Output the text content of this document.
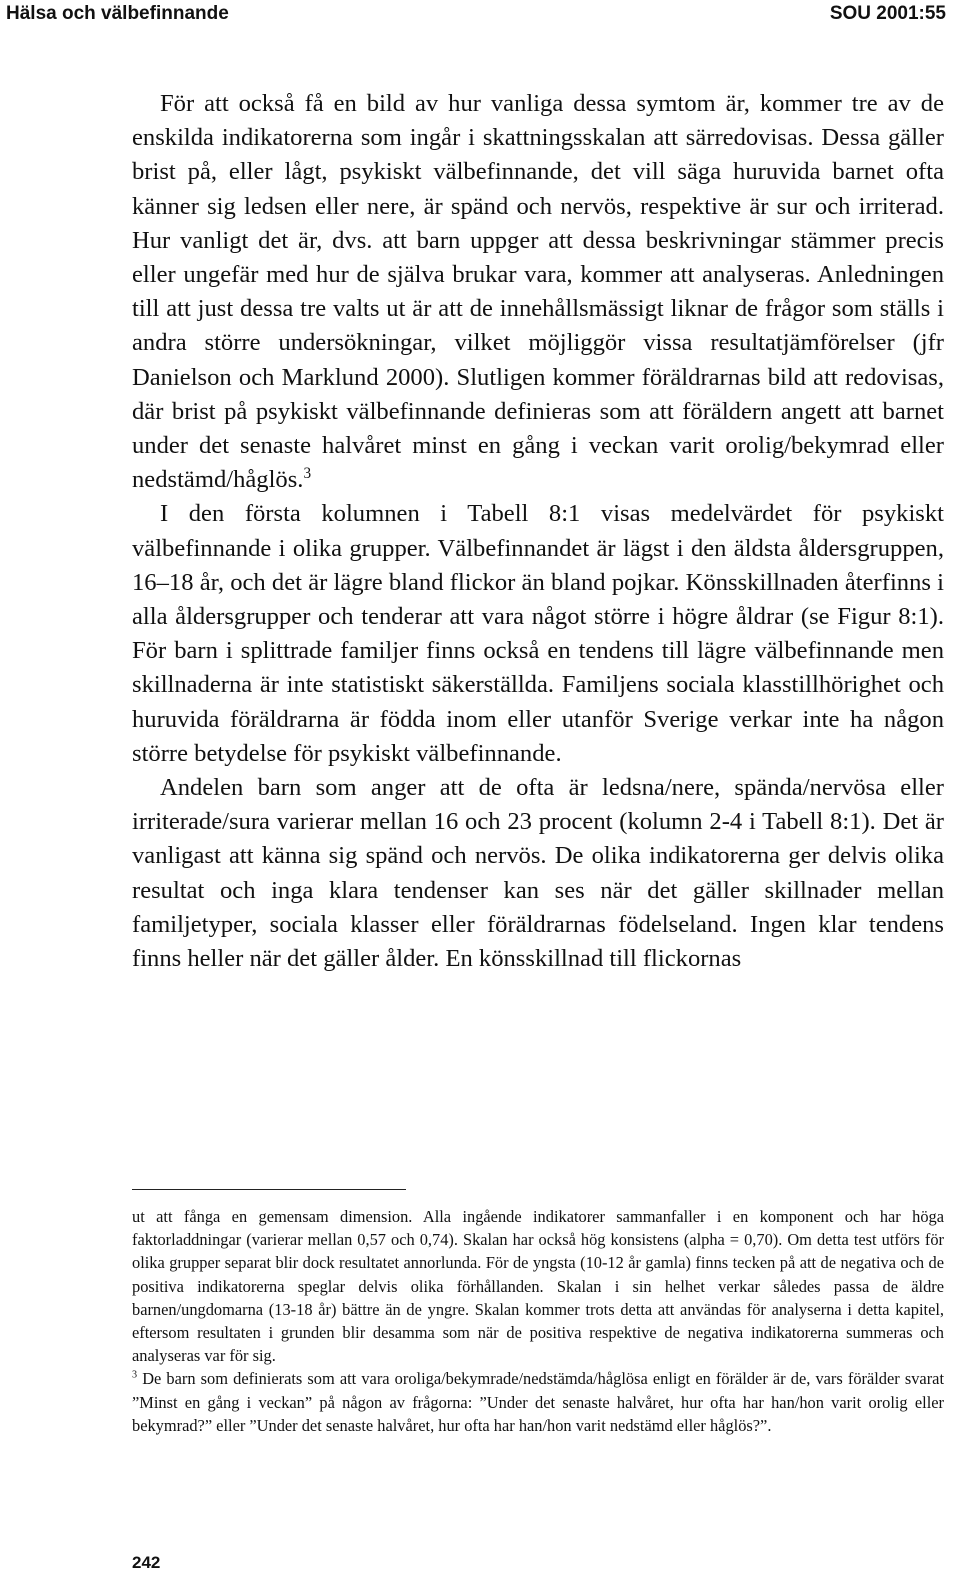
Hälsa och välbefinnande	SOU 2001:55

För att också få en bild av hur vanliga dessa symtom är, kommer tre av de enskilda indikatorerna som ingår i skattningsskalan att särredovisas. Dessa gäller brist på, eller lågt, psykiskt välbefinnande, det vill säga huruvida barnet ofta känner sig ledsen eller nere, är spänd och nervös, respektive är sur och irriterad. Hur vanligt det är, dvs. att barn uppger att dessa beskrivningar stämmer precis eller ungefär med hur de själva brukar vara, kommer att analyseras. Anledningen till att just dessa tre valts ut är att de innehållsmässigt liknar de frågor som ställs i andra större undersökningar, vilket möjliggör vissa resultatjämförelser (jfr Danielson och Marklund 2000). Slutligen kommer föräldrarnas bild att redovisas, där brist på psykiskt välbefinnande definieras som att föräldern angett att barnet under det senaste halvåret minst en gång i veckan varit orolig/bekymrad eller nedstämd/håglös.$^3$

I den första kolumnen i Tabell 8:1 visas medelvärdet för psykiskt välbefinnande i olika grupper. Välbefinnandet är lägst i den äldsta åldersgruppen, 16–18 år, och det är lägre bland flickor än bland pojkar. Könsskillnaden återfinns i alla åldersgrupper och tenderar att vara något större i högre åldrar (se Figur 8:1). För barn i splittrade familjer finns också en tendens till lägre välbefinnande men skillnaderna är inte statistiskt säkerställda. Familjens sociala klasstillhörighet och huruvida föräldrarna är födda inom eller utanför Sverige verkar inte ha någon större betydelse för psykiskt välbefinnande.

Andelen barn som anger att de ofta är ledsna/nere, spända/nervösa eller irriterade/sura varierar mellan 16 och 23 procent (kolumn 2-4 i Tabell 8:1). Det är vanligast att känna sig spänd och nervös. De olika indikatorerna ger delvis olika resultat och inga klara tendenser kan ses när det gäller skillnader mellan familjetyper, sociala klasser eller föräldrarnas födelseland. Ingen klar tendens finns heller när det gäller ålder. En könsskillnad till flickornas

ut att fånga en gemensam dimension. Alla ingående indikatorer sammanfaller i en komponent och har höga faktorladdningar (varierar mellan 0,57 och 0,74). Skalan har också hög konsistens (alpha = 0,70). Om detta test utförs för olika grupper separat blir dock resultatet annorlunda. För de yngsta (10-12 år gamla) finns tecken på att de negativa och de positiva indikatorerna speglar delvis olika förhållanden. Skalan i sin helhet verkar således passa de äldre barnen/ungdomarna (13-18 år) bättre än de yngre. Skalan kommer trots detta att användas för analyserna i detta kapitel, eftersom resultaten i grunden blir desamma som när de positiva respektive de negativa indikatorerna summeras och analyseras var för sig.

$^3$ De barn som definierats som att vara oroliga/bekymrade/nedstämda/håglösa enligt en förälder är de, vars förälder svarat ”Minst en gång i veckan” på någon av frågorna: ”Under det senaste halvåret, hur ofta har han/hon varit orolig eller bekymrad?” eller ”Under det senaste halvåret, hur ofta har han/hon varit nedstämd eller håglös?”.

242
